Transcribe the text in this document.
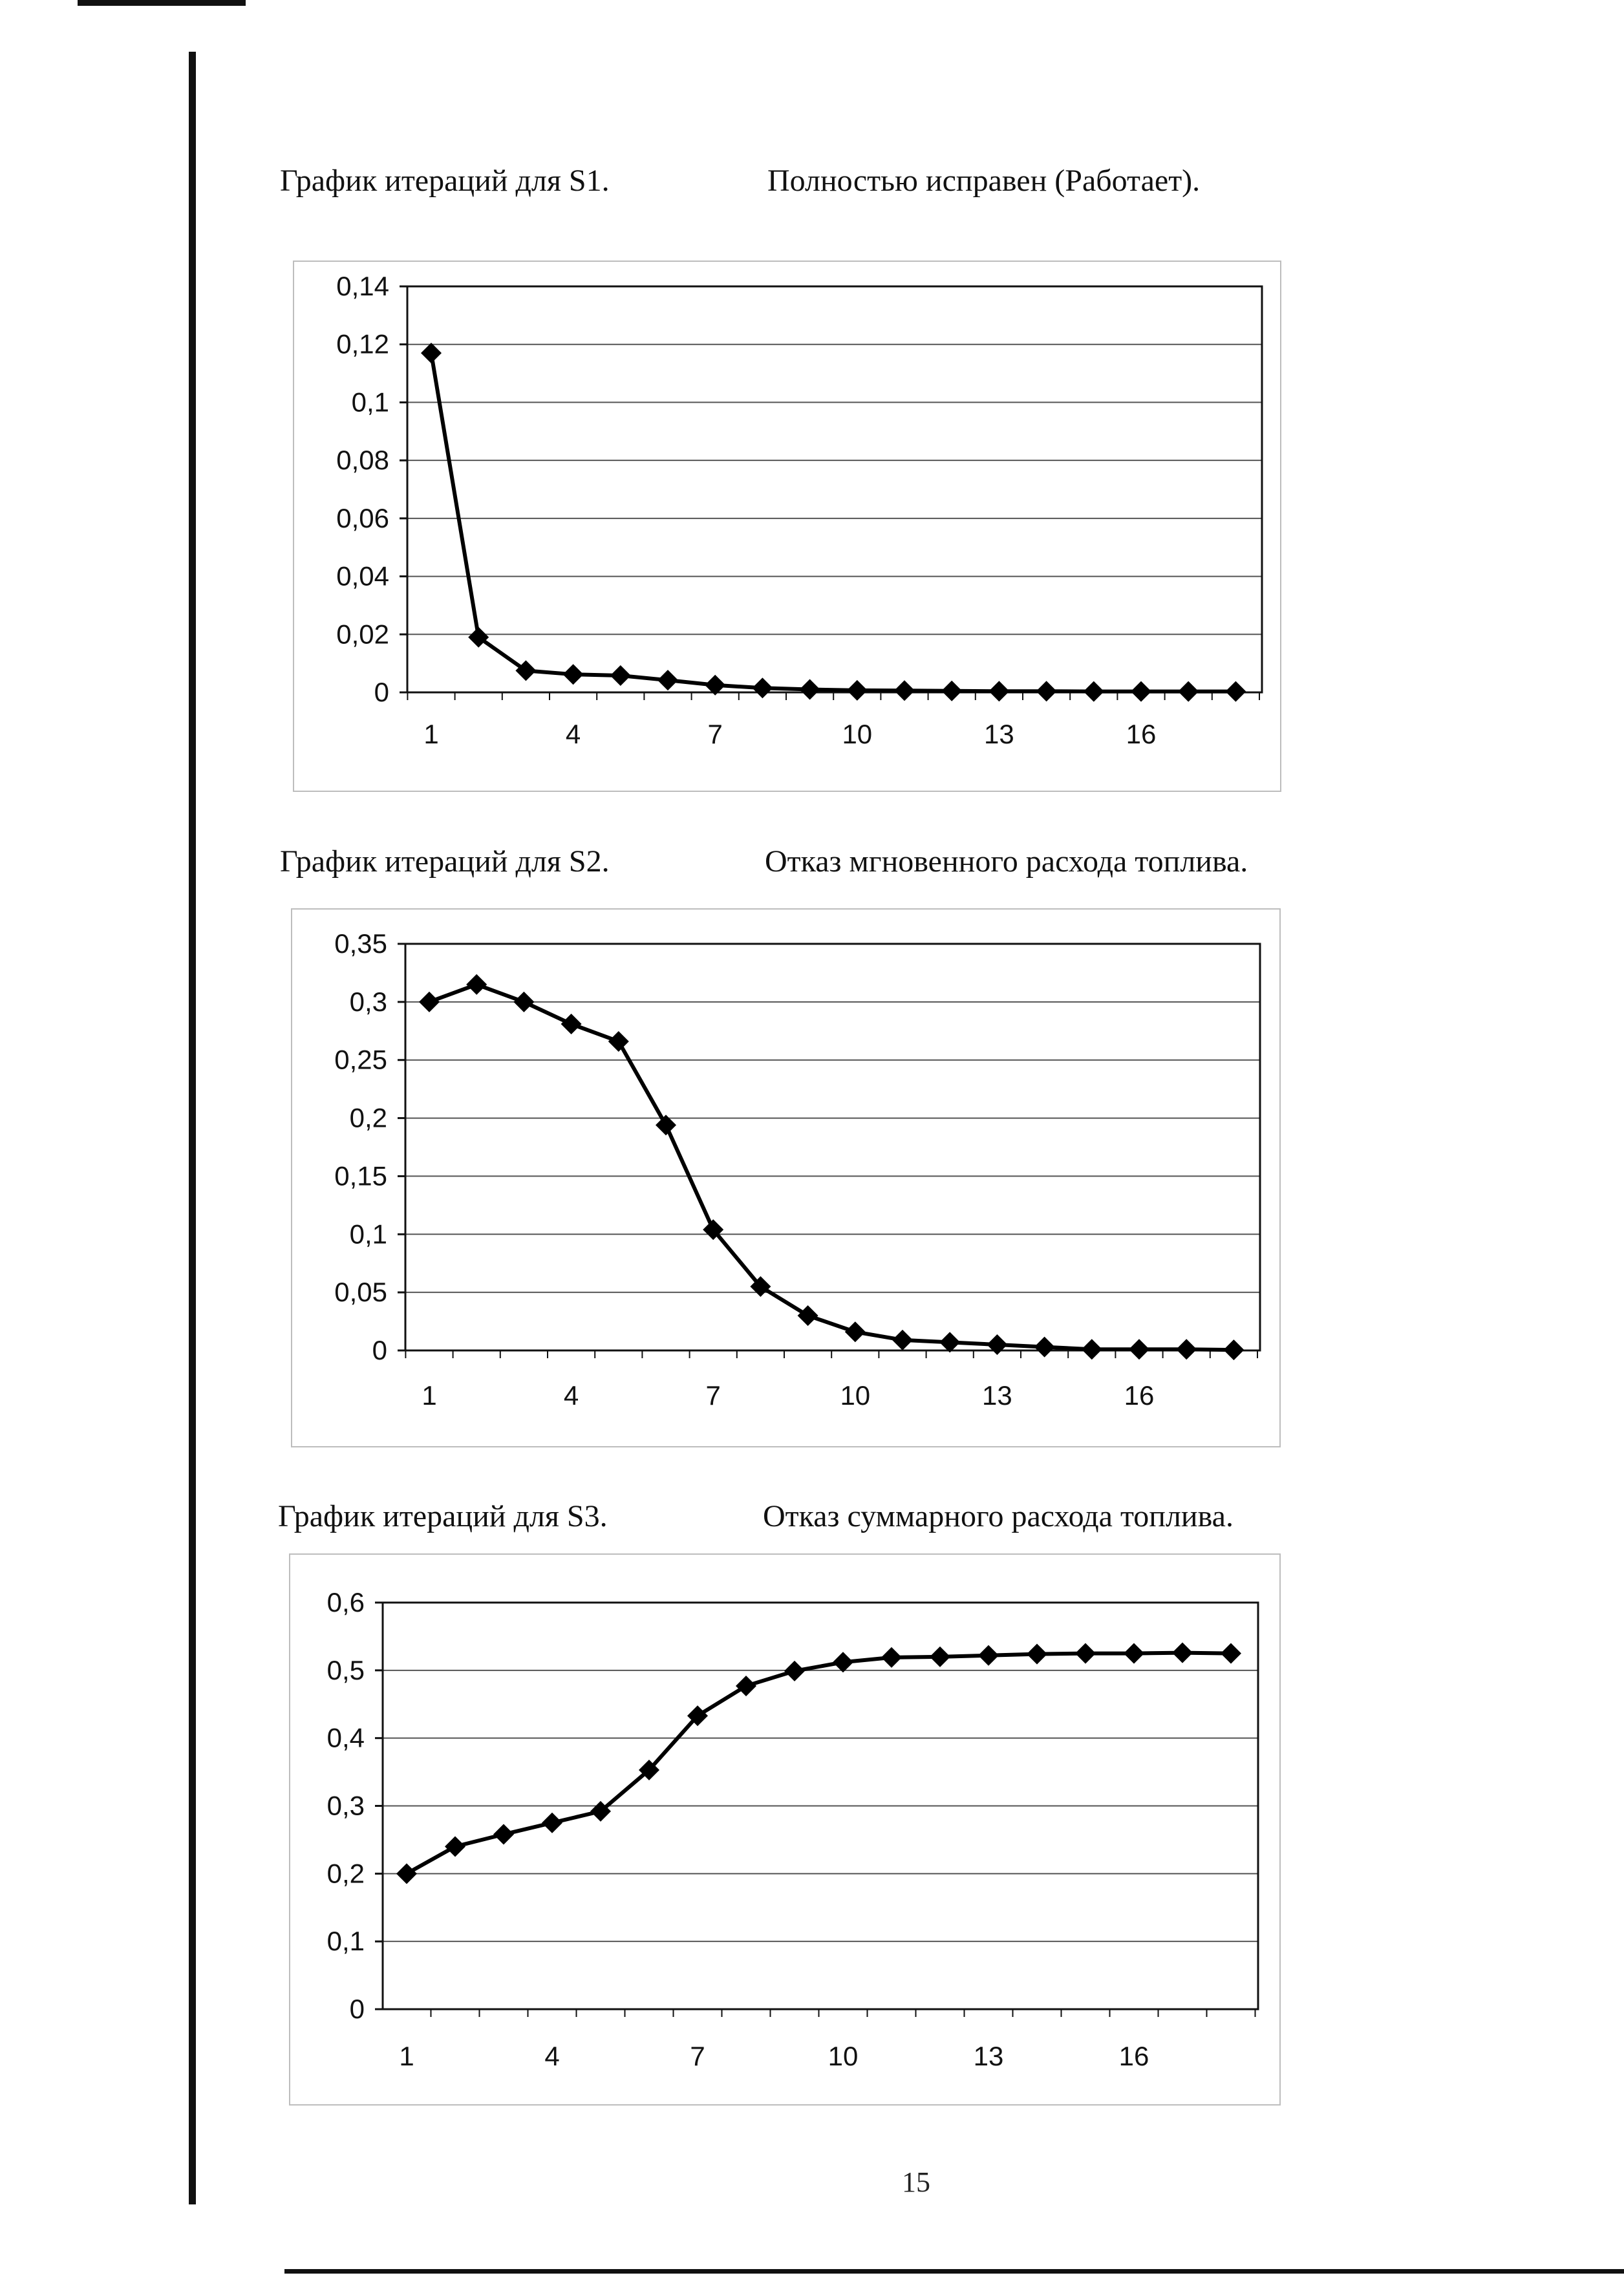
График итераций для S1.	Полностью исправен (Работает).
0
0,02
0,04
0,06
0,08
0,1
0,12
0,14
1	4	7	10	13	16
График итераций для S2.	Отказ мгновенного расхода топлива.
0
0,05
0,1
0,15
0,2
0,25
0,3
0,35
1	4	7	10	13	16
График итераций для S3.	Отказ суммарного расхода топлива.
0
0,1
0,2
0,3
0,4
0,5
0,6
1	4	7	10	13	16
15
